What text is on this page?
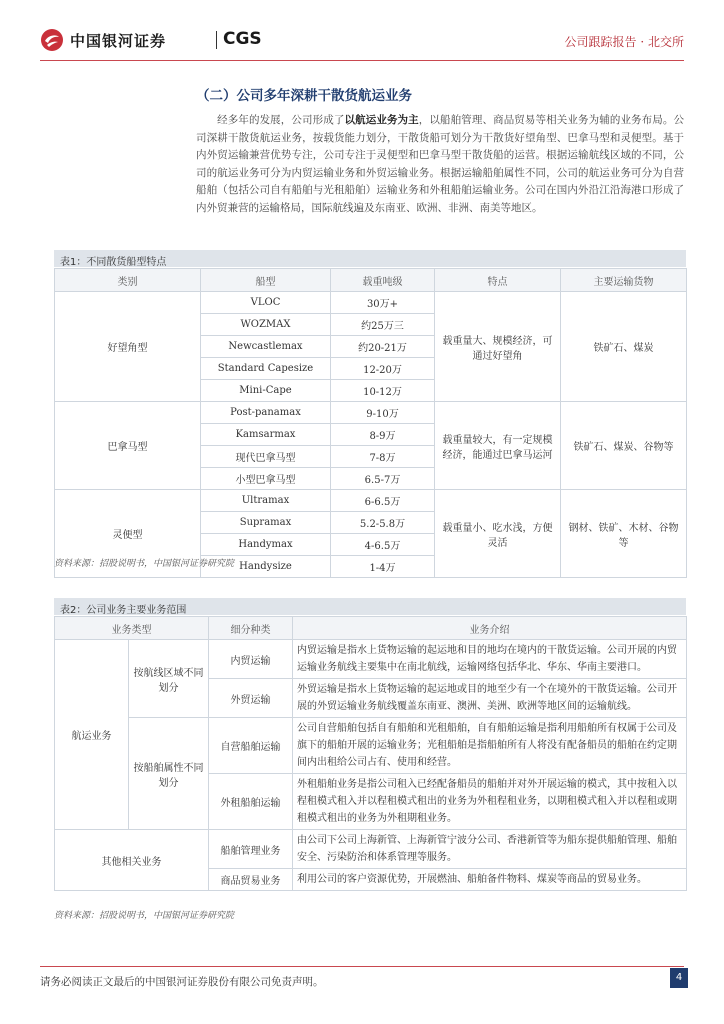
中国银河证券	CGS	公司跟踪报告 · 北交所
（二）公司多年深耕干散货航运业务

经多年的发展，公司形成了以航运业务为主，以船舶管理、商品贸易等相关业务为辅的业务布局。公司深耕干散货航运业务，按载货能力划分，干散货船可划分为干散货好望角型、巴拿马型和灵便型。基于内外贸运输兼营优势专注，公司专注于灵便型和巴拿马型干散货船的运营。根据运输航线区域的不同，公司的航运业务可分为内贸运输业务和外贸运输业务。根据运输船舶属性不同，公司的航运业务可分为自营船舶（包括公司自有船舶与光租船舶）运输业务和外租船舶运输业务。公司在国内外沿江沿海港口形成了内外贸兼营的运输格局，国际航线遍及东南亚、欧洲、非洲、南美等地区。

表1：不同散货船型特点
类别	船型	载重吨级	特点	主要运输货物
好望角型	VLOC	30万+	载重量大、规模经济，可通过好望角	铁矿石、煤炭
	WOZMAX	约25万三		
	Newcastlemax	约20-21万		
	Standard Capesize	12-20万		
	Mini-Cape	10-12万		
巴拿马型	Post-panamax	9-10万	载重量较大，有一定规模经济，能通过巴拿马运河	铁矿石、煤炭、谷物等
	Kamsarmax	8-9万		
	现代巴拿马型	7-8万		
	小型巴拿马型	6.5-7万		
灵便型	Ultramax	6-6.5万	载重量小、吃水浅，方便灵活	钢材、铁矿、木材、谷物等
	Supramax	5.2-5.8万		
	Handymax	4-6.5万		
	Handysize	1-4万		
资料来源：招股说明书，中国银河证券研究院
表2：公司业务主要业务范围
业务类型		细分种类	业务介绍
航运业务	按航线区域不同划分	内贸运输	内贸运输是指水上货物运输的起运地和目的地均在境内的干散货运输。公司开展的内贸运输业务航线主要集中在南北航线，运输网络包括华北、华东、华南主要港口。
		外贸运输	外贸运输是指水上货物运输的起运地或目的地至少有一个在境外的干散货运输。公司开展的外贸运输业务航线覆盖东南亚、澳洲、美洲、欧洲等地区间的运输航线。
	按船舶属性不同划分	自营船舶运输	公司自营船舶包括自有船舶和光租船舶，自有船舶运输是指利用船舶所有权属于公司及旗下的船舶开展的运输业务；光租船舶是指船舶所有人将没有配备船员的船舶在约定期间内出租给公司占有、使用和经营。
		外租船舶运输	外租船舶业务是指公司租入已经配备船员的船舶并对外开展运输的模式，其中按租入以程租模式租入并以程租模式租出的业务为外租程租业务，以期租模式租入并以程租或期租模式租出的业务为外租期租业务。
其他相关业务		船舶管理业务	由公司下公司上海新管、上海新管宁波分公司、香港新管等为船东提供船舶管理、船舶安全、污染防治和体系管理等服务。
		商品贸易业务	利用公司的客户资源优势，开展燃油、船舶备件物料、煤炭等商品的贸易业务。
资料来源：招股说明书，中国银河证券研究院
请务必阅读正文最后的中国银河证券股份有限公司免责声明。	4
